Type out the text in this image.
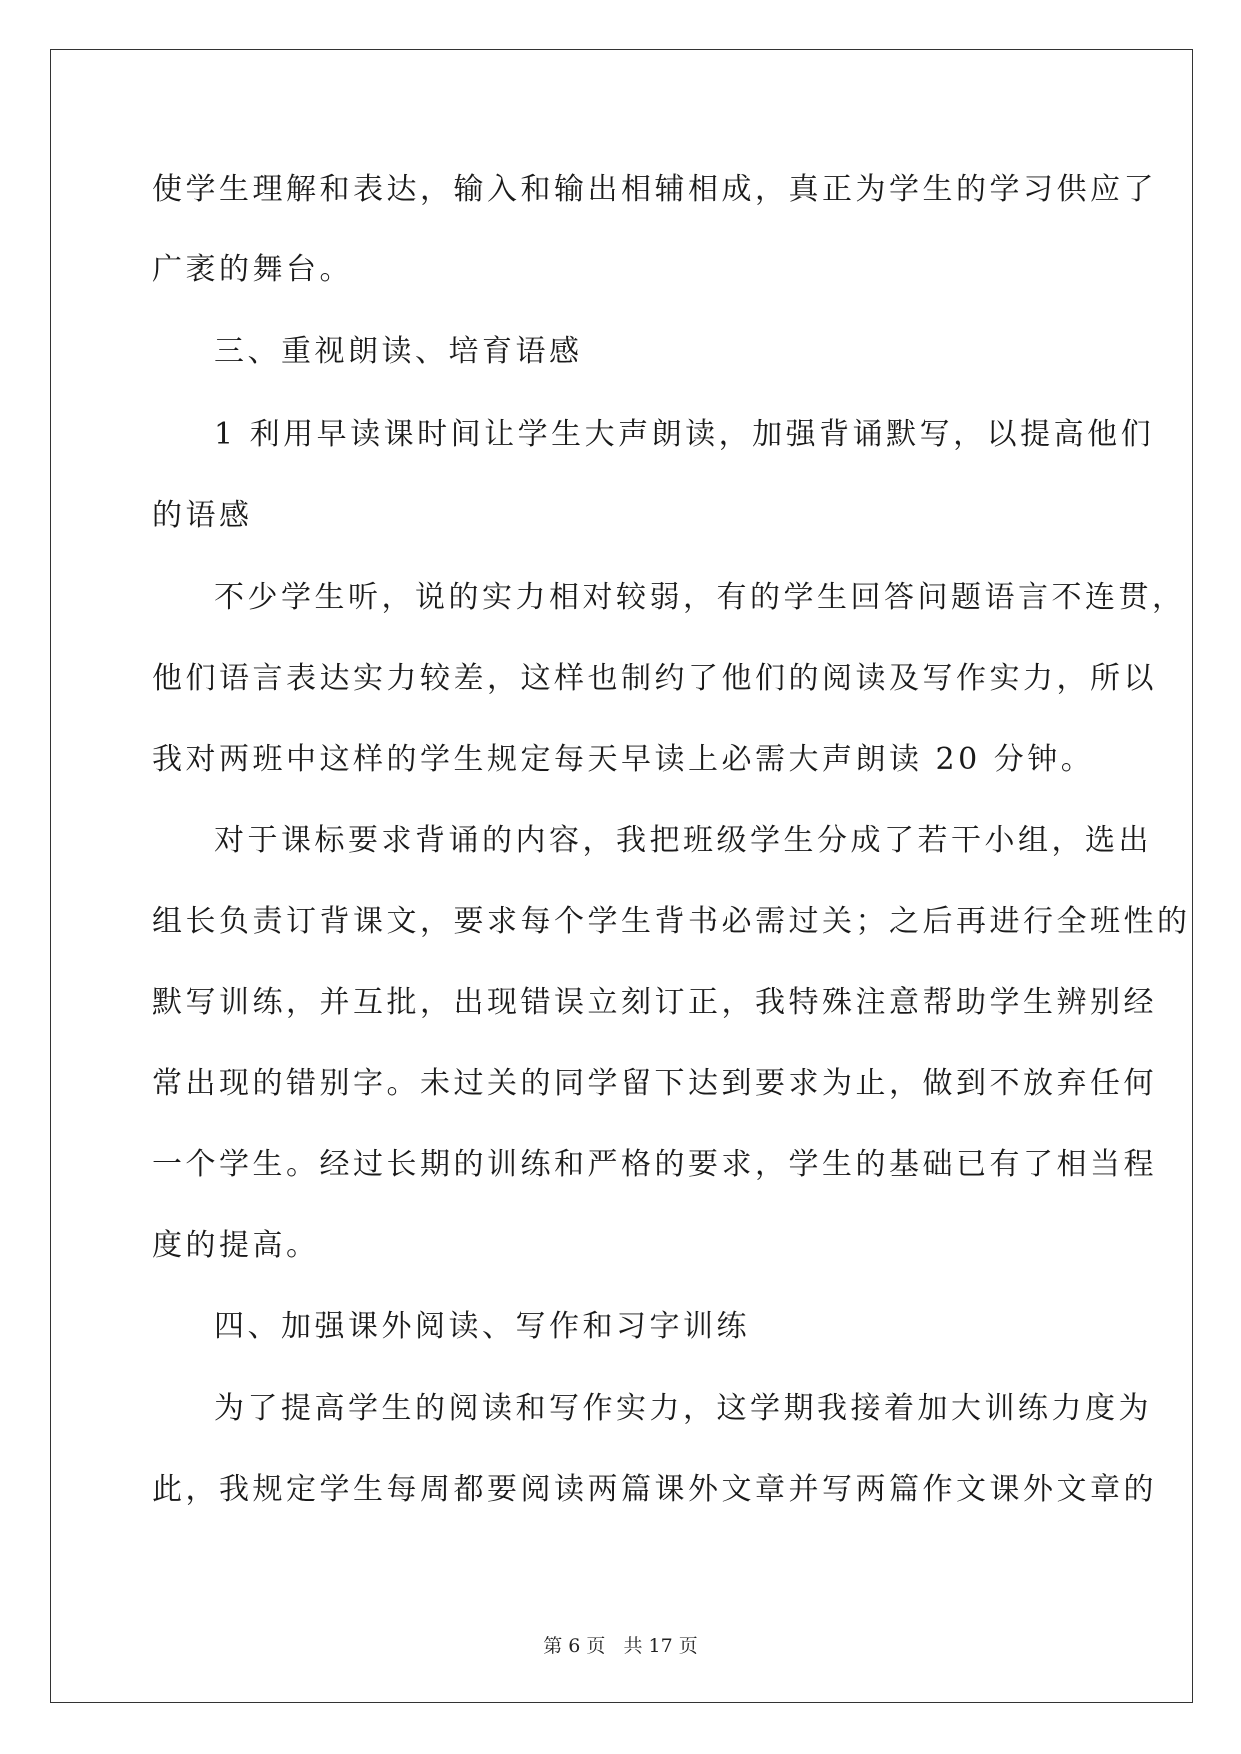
使学生理解和表达，输入和输出相辅相成，真正为学生的学习供应了
广袤的舞台。
三、重视朗读、培育语感
1 利用早读课时间让学生大声朗读，加强背诵默写，以提高他们
的语感
不少学生听，说的实力相对较弱，有的学生回答问题语言不连贯，
他们语言表达实力较差，这样也制约了他们的阅读及写作实力，所以
我对两班中这样的学生规定每天早读上必需大声朗读 20 分钟。
对于课标要求背诵的内容，我把班级学生分成了若干小组，选出
组长负责订背课文，要求每个学生背书必需过关；之后再进行全班性的
默写训练，并互批，出现错误立刻订正，我特殊注意帮助学生辨别经
常出现的错别字。未过关的同学留下达到要求为止，做到不放弃任何
一个学生。经过长期的训练和严格的要求，学生的基础已有了相当程
度的提高。
四、加强课外阅读、写作和习字训练
为了提高学生的阅读和写作实力，这学期我接着加大训练力度为
此，我规定学生每周都要阅读两篇课外文章并写两篇作文课外文章的
第 6 页 共 17 页
